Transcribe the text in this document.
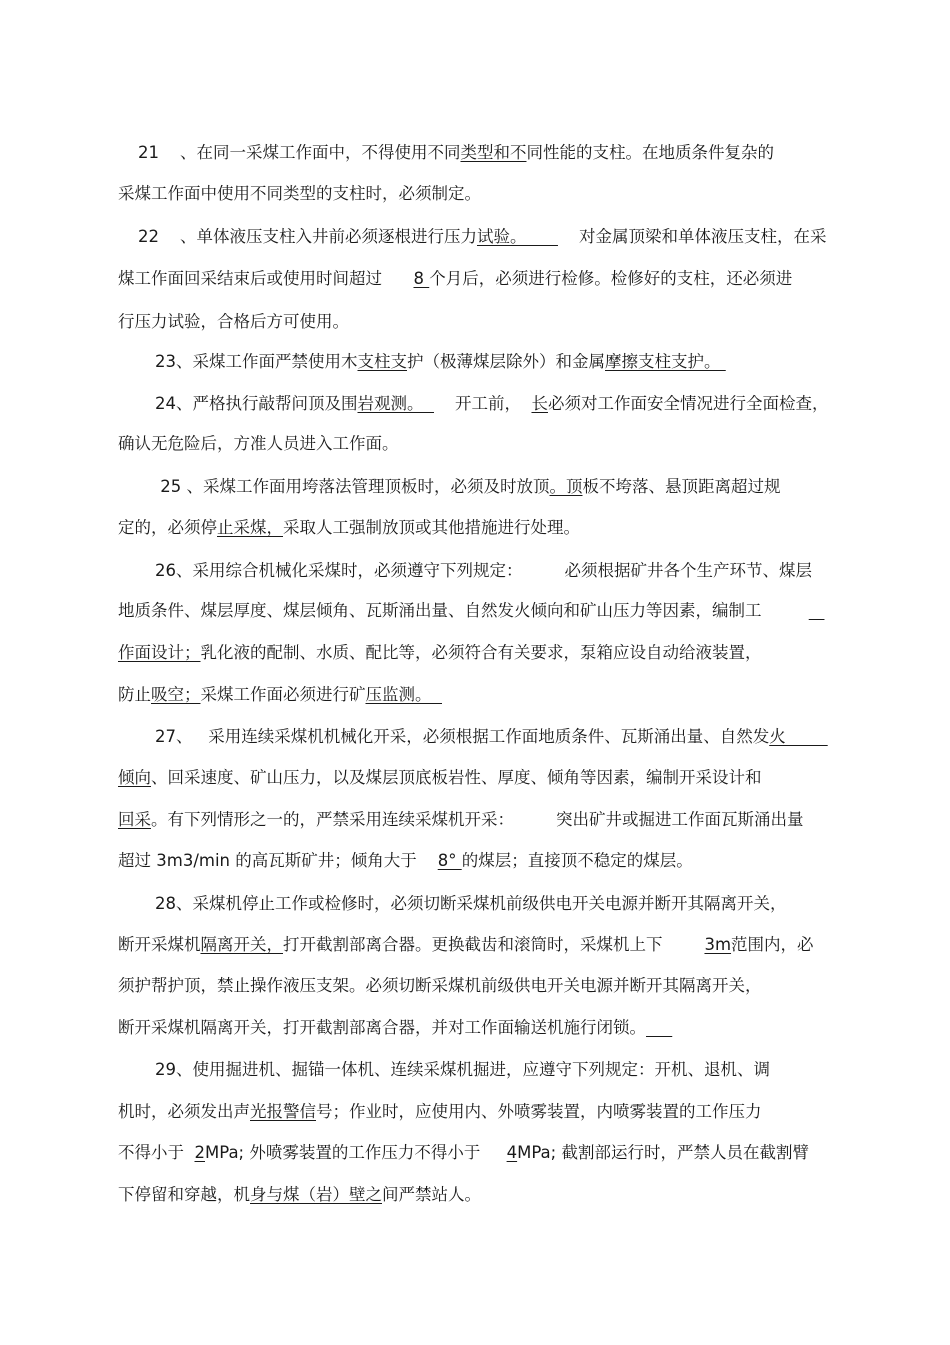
21    、在同一采煤工作面中，不得使用不同类型和不同性能的支柱。在地质条件复杂的
采煤工作面中使用不同类型的支柱时，必须制定。
22    、单体液压支柱入井前必须逐根进行压力试验。          对金属顶梁和单体液压支柱，在采
煤工作面回采结束后或使用时间超过      8 个月后，必须进行检修。检修好的支柱，还必须进
行压力试验，合格后方可使用。
23、采煤工作面严禁使用木支柱支护（极薄煤层除外）和金属摩擦支柱支护。
24、严格执行敲帮问顶及围岩观测。      开工前，  长必须对工作面安全情况进行全面检查，
确认无危险后，方准人员进入工作面。
25 、采煤工作面用垮落法管理顶板时，必须及时放顶。顶板不垮落、悬顶距离超过规
定的，必须停止采煤，采取人工强制放顶或其他措施进行处理。
26、采用综合机械化采煤时，必须遵守下列规定：        必须根据矿井各个生产环节、煤层
地质条件、煤层厚度、煤层倾角、瓦斯涌出量、自然发火倾向和矿山压力等因素，编制工
作面设计；乳化液的配制、水质、配比等，必须符合有关要求，泵箱应设自动给液装置，
防止吸空；采煤工作面必须进行矿压监测。
27、   采用连续采煤机机械化开采，必须根据工作面地质条件、瓦斯涌出量、自然发火
倾向、回采速度、矿山压力，以及煤层顶底板岩性、厚度、倾角等因素，编制开采设计和
回采。有下列情形之一的，严禁采用连续采煤机开采：        突出矿井或掘进工作面瓦斯涌出量
超过 3m3/min 的高瓦斯矿井；倾角大于    8° 的煤层；直接顶不稳定的煤层。
28、采煤机停止工作或检修时，必须切断采煤机前级供电开关电源并断开其隔离开关，
断开采煤机隔离开关，打开截割部离合器。更换截齿和滚筒时，采煤机上下        3m范围内，必
须护帮护顶，禁止操作液压支架。必须切断采煤机前级供电开关电源并断开其隔离开关，
断开采煤机隔离开关，打开截割部离合器，并对工作面输送机施行闭锁。
29、使用掘进机、掘锚一体机、连续采煤机掘进，应遵守下列规定：开机、退机、调
机时，必须发出声光报警信号；作业时，应使用内、外喷雾装置，内喷雾装置的工作压力
不得小于  2MPa; 外喷雾装置的工作压力不得小于     4MPa; 截割部运行时，严禁人员在截割臂
下停留和穿越，机身与煤（岩）壁之间严禁站人。
